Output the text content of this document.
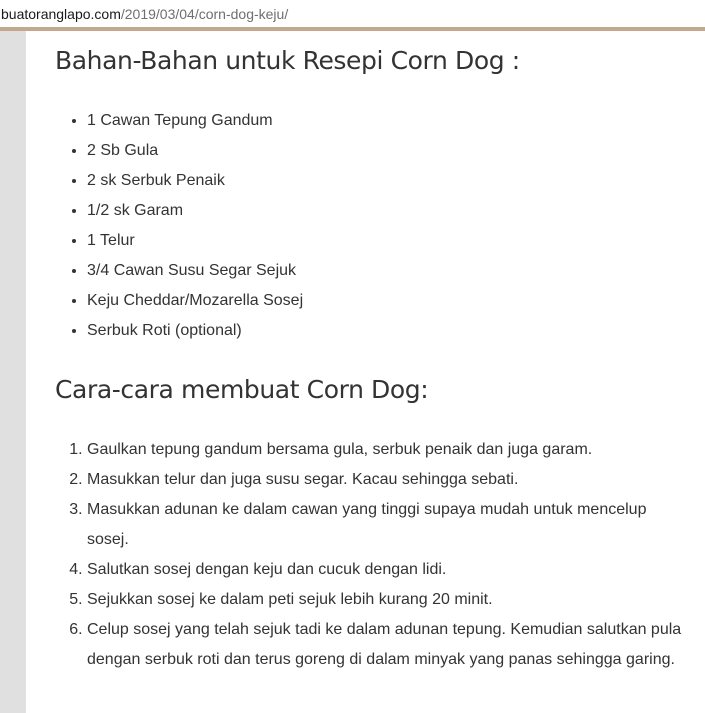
buatoranglapo.com/2019/03/04/corn-dog-keju/
Bahan-Bahan untuk Resepi Corn Dog :
• 1 Cawan Tepung Gandum
• 2 Sb Gula
• 2 sk Serbuk Penaik
• 1/2 sk Garam
• 1 Telur
• 3/4 Cawan Susu Segar Sejuk
• Keju Cheddar/Mozarella Sosej
• Serbuk Roti (optional)
Cara-cara membuat Corn Dog:
1. Gaulkan tepung gandum bersama gula, serbuk penaik dan juga garam.
2. Masukkan telur dan juga susu segar. Kacau sehingga sebati.
3. Masukkan adunan ke dalam cawan yang tinggi supaya mudah untuk mencelup sosej.
4. Salutkan sosej dengan keju dan cucuk dengan lidi.
5. Sejukkan sosej ke dalam peti sejuk lebih kurang 20 minit.
6. Celup sosej yang telah sejuk tadi ke dalam adunan tepung. Kemudian salutkan pula dengan serbuk roti dan terus goreng di dalam minyak yang panas sehingga garing.
